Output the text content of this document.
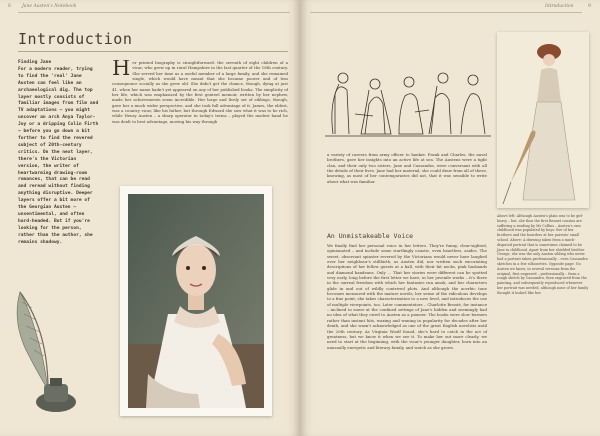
8 Jane Austen's Notebook
Introduction
Finding Jane
For a modern reader, trying to find the 'real' Jane Austen can feel like an archaeological dig. The top layer mostly consists of familiar images from film and TV adaptations – you might uncover an arch Anya Taylor-Joy or a dripping Colin Firth – before you go down a bit further to find the revered subject of 20th-century critics. On the next layer, there's the Victorian version, the writer of heartwarming drawing-room romances, that can be read and reread without finding anything disruptive. Deeper layers offer a bit more of the Georgian Austen – unsentimental, and often hard-headed. But if you're looking for the person, rather than the author, she remains shadowy.
H er printed biography is straightforward: the seventh of eight children of a vicar, who grew up in rural Hampshire in the last quarter of the 18th century. She served her time as a useful member of a large family, and she remained single, which would have meant that she became poorer and of less consequence socially as she grew old. She didn't get the chance, though, dying at just 41, when her name hadn't yet appeared on any of her published books. The simplicity of her life, which was emphasized by the first genteel memoir, written by her nephew, made her achievements seem incredible. Her large and lively set of siblings, though, gave her a much wider perspective, and she took full advantage of it. James, the eldest, was a country vicar, like his father, but through Edward she saw what it was to be rich, while Henry Austen – a sharp operator in today's terms – played the modest hand he was dealt to best advantage, moving his way through
9
Introduction
a variety of careers from army officer to banker. Frank and Charles, the naval brothers, gave her insights into an active life at sea. The Austens were a tight clan, and their only two sisters, Jane and Cassandra, were conversant with all the details of their lives. Jane had her material; she could draw from all of these, knowing, as most of her contemporaries did not, that it was sensible to write about what was familiar.
An Unmistakeable Voice
We finally find her personal voice in her letters. They're funny, clear-sighted, opinionated – and include some startlingly caustic, even heartless, asides. The sweet, observant spinster revered by the Victorians would never have laughed over her neighbour's stillbirth, as Austen did, nor written such excoriating descriptions of her fellow guests at a ball, with their fat necks, pink husbands and diamond bandeaus. Only … That her stories were different can be spotted very early, long before the first letter we have, in her juvenile works – it's there in the surreal freedom with which her fantasies run amok, and her characters glide in and out of wildly contrived plots. And although the acerbic tone becomes measured with the mature novels, her sense of the ridiculous develops to a fine point; she takes characterization to a new level, and introduces the use of multiple viewpoints, too. Later commentators – Charlotte Brontë, for instance – inclined to sneer at the confined settings of Jane's hidden and seemingly had no idea of what they owed to Austen as a pioneer. The books were slow burners rather than instant hits, waxing and waning in popularity for decades after her death, and she wasn't acknowledged as one of the great English novelists until the 20th century. As Virginia Woolf found, she's hard to catch in the act of greatness, but we know it when we see it. To make her out more clearly, we need to start at the beginning, with the vicar's younger daughter, born into an unusually energetic and literary family, and watch as she grows.
Above left: Although Austen's plain was to be girl-heavy – but, she thus the first Bennet cousins are suffering a reading by Mr Collins – Austen's own childhood was populated by boys: five of her brothers and the boarders at her parents' small school. Above: A drawing taken from a much-disputed portrait that is sometimes claimed to be Jane in childhood. Apart from her shielded brother George, she was the only Austen sibling who never had a portrait taken professionally – even Cassandra sketches in a few silhouettes. Opposite page: No Austen we know; in several versions from the original, first engraved – professionally – from a rough sketch by Cassandra, then engraved from the painting, and subsequently reproduced whenever her portrait was needed, although none of her family thought it looked like her.
